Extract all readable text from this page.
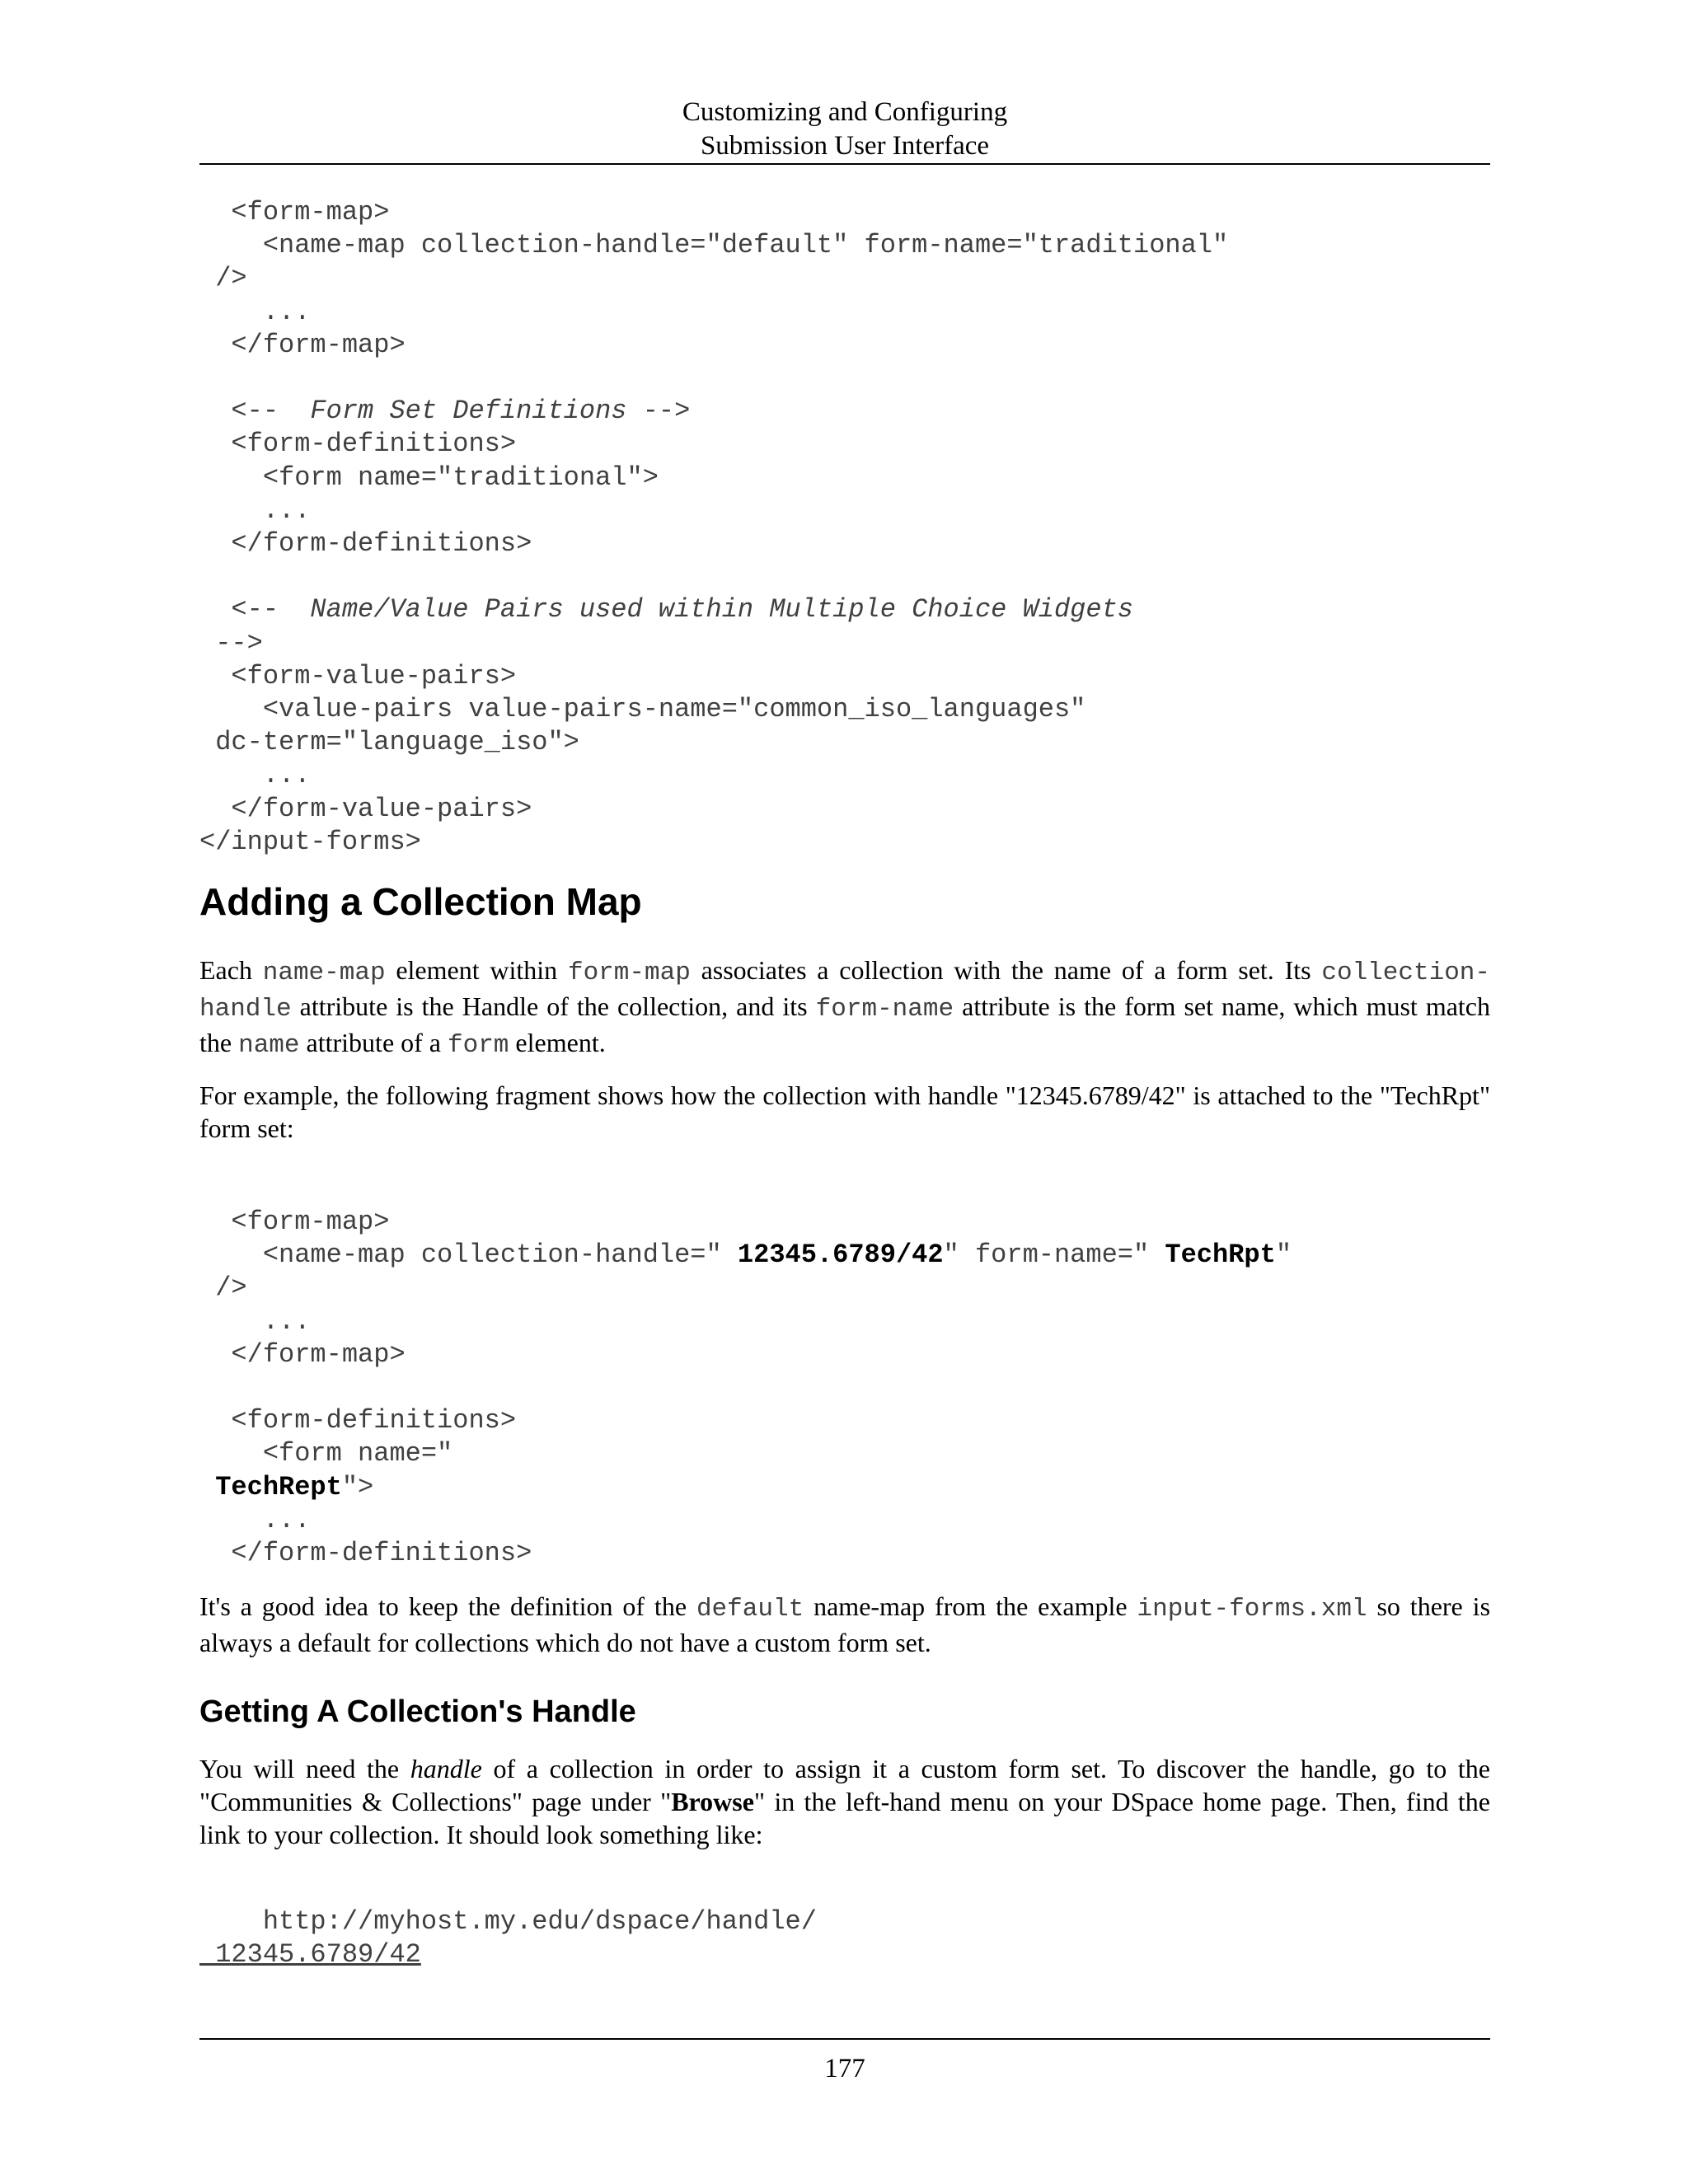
Customizing and Configuring
Submission User Interface
<form-map>
<name-map collection-handle="default" form-name="traditional"
/>
...
</form-map>

<--  Form Set Definitions -->
<form-definitions>
<form name="traditional">
...
</form-definitions>

<--  Name/Value Pairs used within Multiple Choice Widgets
-->
<form-value-pairs>
<value-pairs value-pairs-name="common_iso_languages"
dc-term="language_iso">
...
</form-value-pairs>
</input-forms>
Adding a Collection Map

Each name-map element within form-map associates a collection with the name of a form set. Its collection-handle attribute is the Handle of the collection, and its form-name attribute is the form set name, which must match the name attribute of a form element.

For example, the following fragment shows how the collection with handle "12345.6789/42" is attached to the "TechRpt" form set:

<form-map>
<name-map collection-handle=" 12345.6789/42" form-name=" TechRpt"
/>
...
</form-map>

<form-definitions>
<form name="
TechRept">
...
</form-definitions>

It's a good idea to keep the definition of the default name-map from the example input-forms.xml so there is always a default for collections which do not have a custom form set.

Getting A Collection's Handle

You will need the handle of a collection in order to assign it a custom form set. To discover the handle, go to the "Communities & Collections" page under "Browse" in the left-hand menu on your DSpace home page. Then, find the link to your collection. It should look something like:

http://myhost.my.edu/dspace/handle/
12345.6789/42
177
